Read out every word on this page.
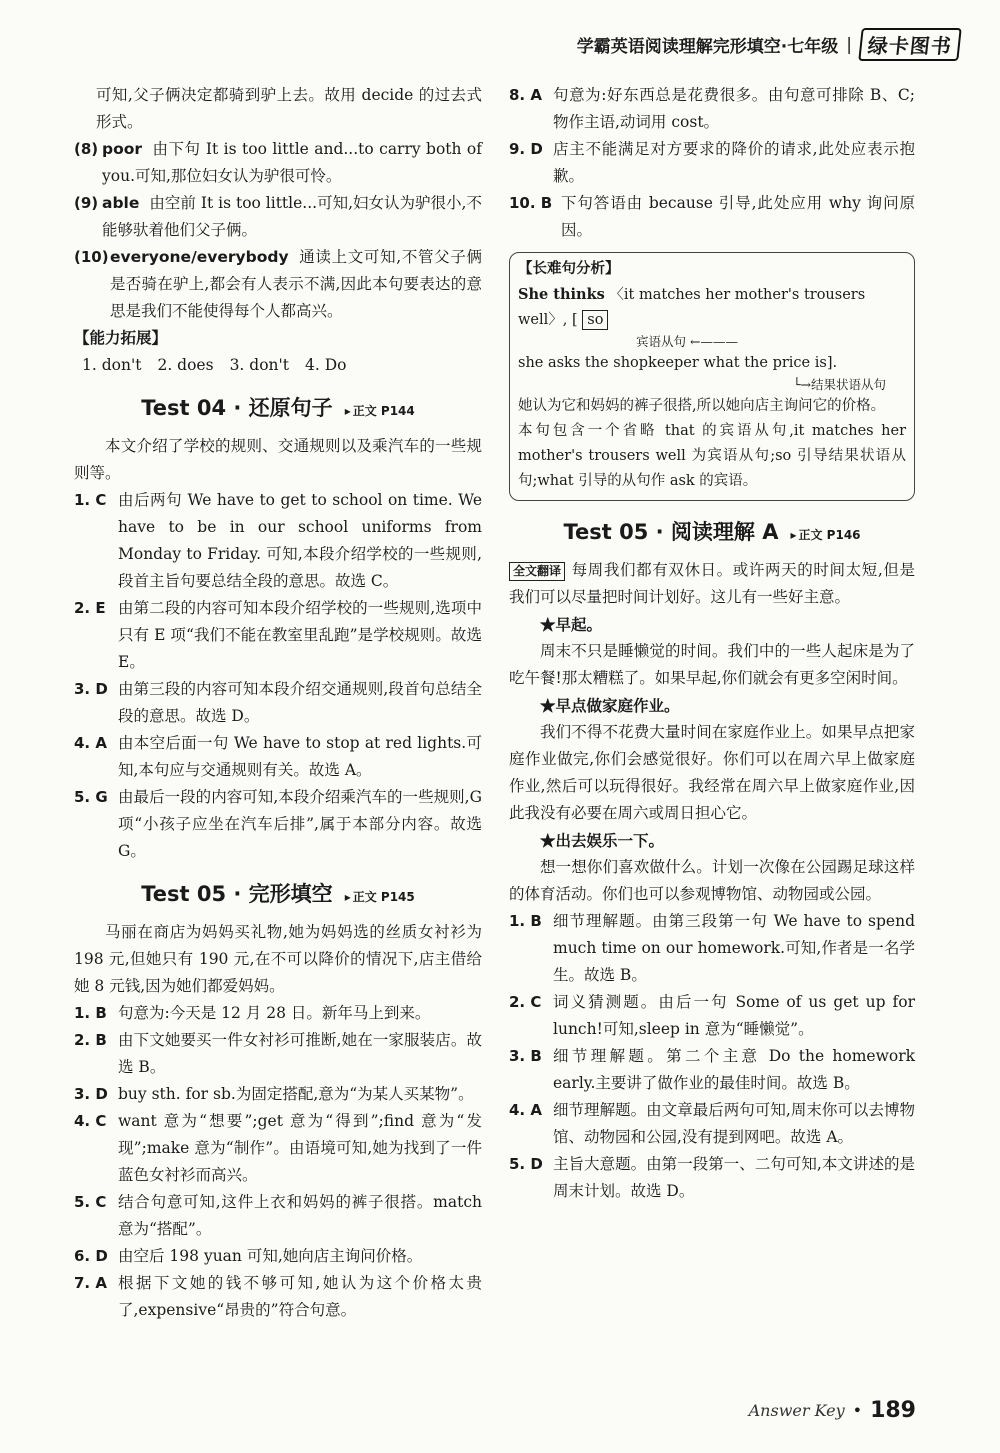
学霸英语阅读理解完形填空·七年级 | 绿卡图书

可知,父子俩决定都骑到驴上去。故用 decide 的过去式形式。

(8) poor 由下句 It is too little and...to carry both of you.可知,那位妇女认为驴很可怜。
(9) able 由空前 It is too little...可知,妇女认为驴很小,不能够驮着他们父子俩。
(10) everyone/everybody 通读上文可知,不管父子俩是否骑在驴上,都会有人表示不满,因此本句要表达的意思是我们不能使得每个人都高兴。

【能力拓展】

1. don't 2. does 3. don't 4. Do
Test 04 · 还原句子	▸ 正文 P144

本文介绍了学校的规则、交通规则以及乘汽车的一些规则等。

1. C 由后两句 We have to get to school on time. We have to be in our school uniforms from Monday to Friday. 可知,本段介绍学校的一些规则,段首主旨句要总结全段的意思。故选 C。
2. E 由第二段的内容可知本段介绍学校的一些规则,选项中只有 E 项“我们不能在教室里乱跑”是学校规则。故选 E。
3. D 由第三段的内容可知本段介绍交通规则,段首句总结全段的意思。故选 D。
4. A 由本空后面一句 We have to stop at red lights.可知,本句应与交通规则有关。故选 A。
5. G 由最后一段的内容可知,本段介绍乘汽车的一些规则,G 项“小孩子应坐在汽车后排”,属于本部分内容。故选 G。
Test 05 · 完形填空	▸ 正文 P145

马丽在商店为妈妈买礼物,她为妈妈选的丝质女衬衫为 198 元,但她只有 190 元,在不可以降价的情况下,店主借给她 8 元钱,因为她们都爱妈妈。

1. B 句意为:今天是 12 月 28 日。新年马上到来。
2. B 由下文她要买一件女衬衫可推断,她在一家服装店。故选 B。
3. D buy sth. for sb.为固定搭配,意为“为某人买某物”。
4. C want 意为“想要”;get 意为“得到”;find 意为“发现”;make 意为“制作”。由语境可知,她为找到了一件蓝色女衬衫而高兴。
5. C 结合句意可知,这件上衣和妈妈的裤子很搭。match 意为“搭配”。
6. D 由空后 198 yuan 可知,她向店主询问价格。
7. A 根据下文她的钱不够可知,她认为这个价格太贵了,expensive“昂贵的”符合句意。
8. A 句意为:好东西总是花费很多。由句意可排除 B、C;物作主语,动词用 cost。
9. D 店主不能满足对方要求的降价的请求,此处应表示抱歉。
10. B 下句答语由 because 引导,此处应用 why 询问原因。

【长难句分析】

She thinks 〈it matches her mother's trousers well〉, [ so

宾语从句 ←———

she asks the shopkeeper what the price is].

└→结果状语从句

她认为它和妈妈的裤子很搭,所以她向店主询问它的价格。

本句包含一个省略 that 的宾语从句,it matches her mother's trousers well 为宾语从句;so 引导结果状语从句;what 引导的从句作 ask 的宾语。

Test 05 · 阅读理解 A	▸ 正文 P146

全文翻译 每周我们都有双休日。或许两天的时间太短,但是我们可以尽量把时间计划好。这儿有一些好主意。

★早起。

周末不只是睡懒觉的时间。我们中的一些人起床是为了吃午餐!那太糟糕了。如果早起,你们就会有更多空闲时间。

★早点做家庭作业。

我们不得不花费大量时间在家庭作业上。如果早点把家庭作业做完,你们会感觉很好。你们可以在周六早上做家庭作业,然后可以玩得很好。我经常在周六早上做家庭作业,因此我没有必要在周六或周日担心它。

★出去娱乐一下。

想一想你们喜欢做什么。计划一次像在公园踢足球这样的体育活动。你们也可以参观博物馆、动物园或公园。

1. B 细节理解题。由第三段第一句 We have to spend much time on our homework.可知,作者是一名学生。故选 B。
2. C 词义猜测题。由后一句 Some of us get up for lunch!可知,sleep in 意为“睡懒觉”。
3. B 细节理解题。第二个主意 Do the homework early.主要讲了做作业的最佳时间。故选 B。
4. A 细节理解题。由文章最后两句可知,周末你可以去博物馆、动物园和公园,没有提到网吧。故选 A。
5. D 主旨大意题。由第一段第一、二句可知,本文讲述的是周末计划。故选 D。
Answer Key • 189
